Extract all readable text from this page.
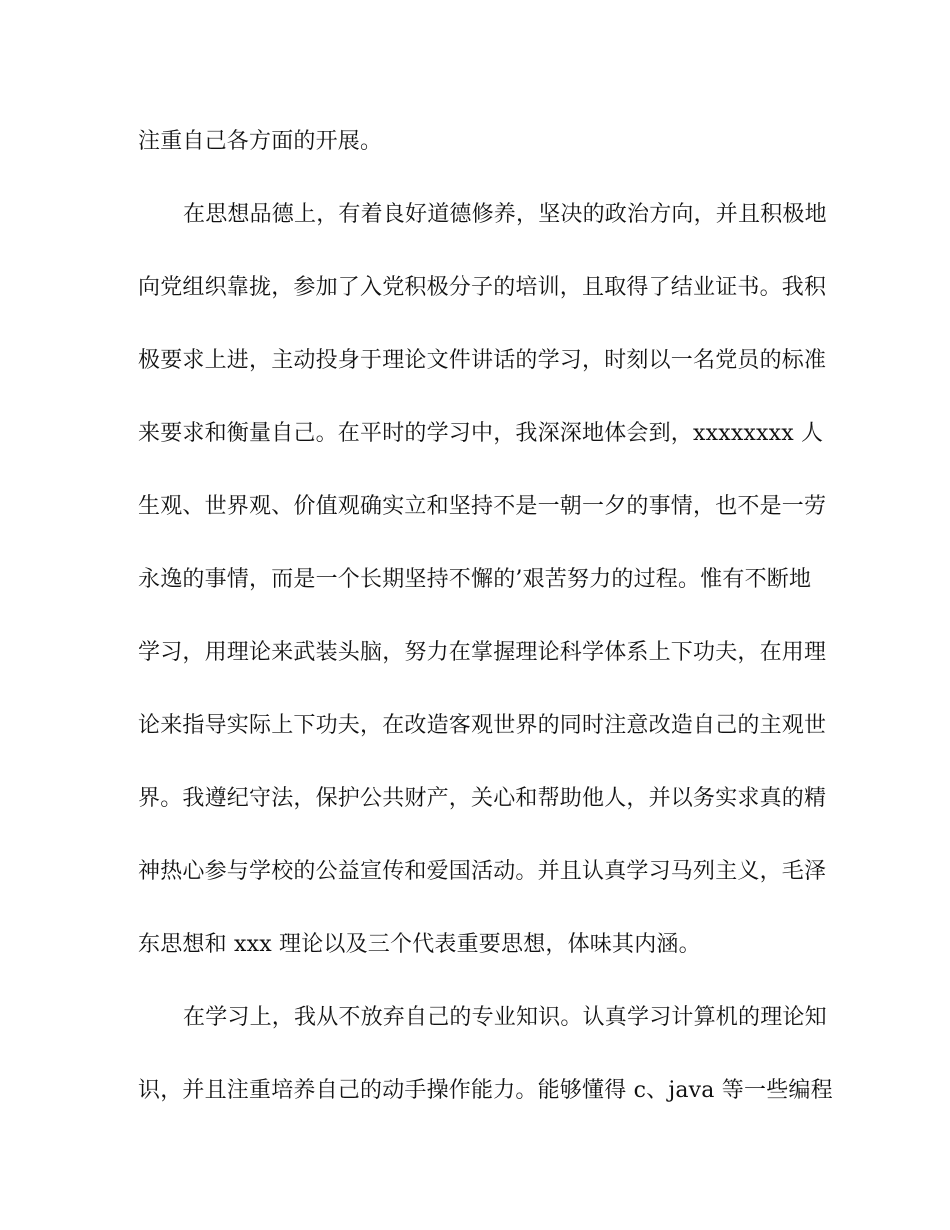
注重自己各方面的开展。
在思想品德上，有着良好道德修养，坚决的政治方向，并且积极地
向党组织靠拢，参加了入党积极分子的培训，且取得了结业证书。我积
极要求上进，主动投身于理论文件讲话的学习，时刻以一名党员的标准
来要求和衡量自己。在平时的学习中，我深深地体会到，xxxxxxxx 人
生观、世界观、价值观确实立和坚持不是一朝一夕的事情，也不是一劳
永逸的事情，而是一个长期坚持不懈的’艰苦努力的过程。惟有不断地
学习，用理论来武装头脑，努力在掌握理论科学体系上下功夫，在用理
论来指导实际上下功夫，在改造客观世界的同时注意改造自己的主观世
界。我遵纪守法，保护公共财产，关心和帮助他人，并以务实求真的精
神热心参与学校的公益宣传和爱国活动。并且认真学习马列主义，毛泽
东思想和 xxx 理论以及三个代表重要思想，体味其内涵。
在学习上，我从不放弃自己的专业知识。认真学习计算机的理论知
识，并且注重培养自己的动手操作能力。能够懂得 c、java 等一些编程
